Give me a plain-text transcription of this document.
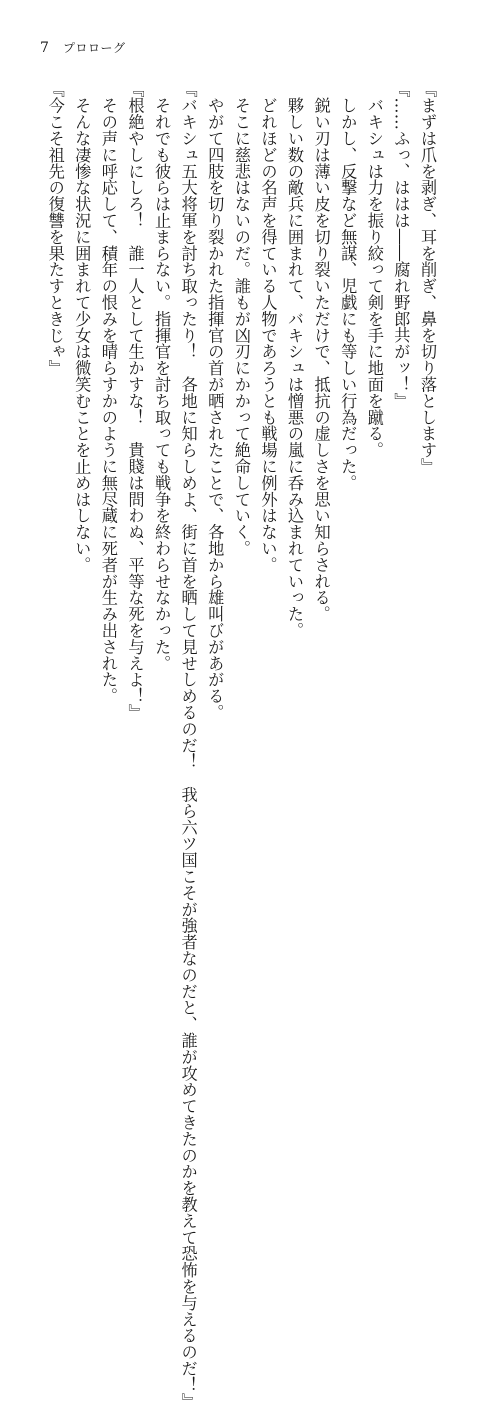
7 プロローグ
『まずは爪を剥ぎ、耳を削ぎ、鼻を切り落とします』
『……ふっ、ははは――腐れ野郎共がッ！』
　バキシュは力を振り絞って剣を手に地面を蹴る。
　しかし、反撃など無謀、児戯にも等しい行為だった。
　鋭い刃は薄い皮を切り裂いただけで、抵抗の虚しさを思い知らされる。
　夥しい数の敵兵に囲まれて、バキシュは憎悪の嵐に呑み込まれていった。
　どれほどの名声を得ている人物であろうとも戦場に例外はない。
　そこに慈悲はないのだ。誰もが凶刃にかかって絶命していく。
　やがて四肢を切り裂かれた指揮官の首が晒されたことで、各地から雄叫びがあがる。
『バキシュ五大将軍を討ち取ったり！　各地に知らしめよ、街に首を晒して見せしめるのだ！　我ら六ツ国こそが強者なのだと、誰が攻めてきたのかを教えて恐怖を与えるのだ！』
　それでも彼らは止まらない。指揮官を討ち取っても戦争を終わらせなかった。
『根絶やしにしろ！　誰一人として生かすな！　貴賤は問わぬ、平等な死を与えよ！』
　その声に呼応して、積年の恨みを晴らすかのように無尽蔵に死者が生み出された。
　そんな凄惨な状況に囲まれて少女は微笑むことを止めはしない。
『今こそ祖先の復讐を果たすときじゃ』
